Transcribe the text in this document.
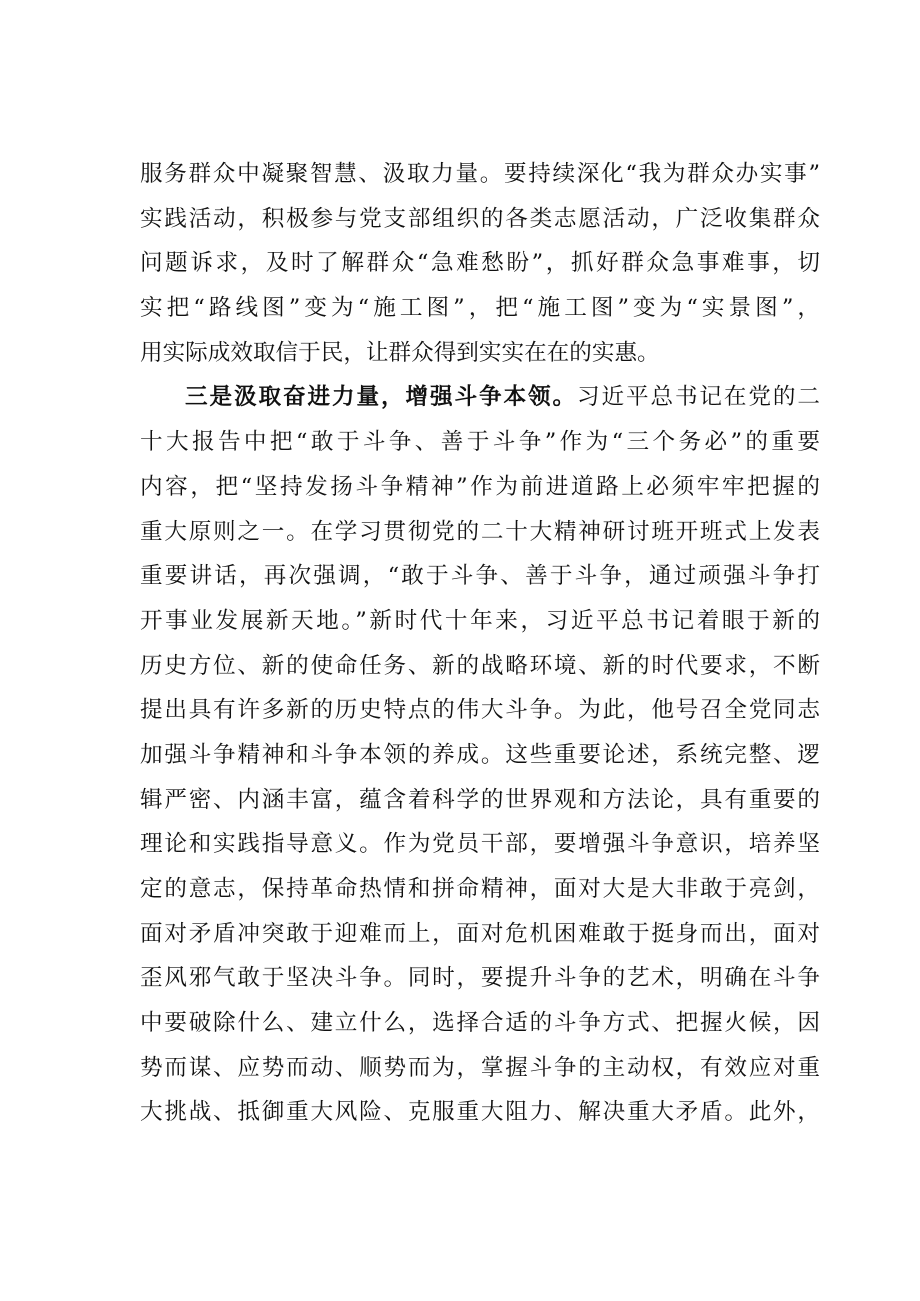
服务群众中凝聚智慧、汲取力量。要持续深化“我为群众办实事”
实践活动，积极参与党支部组织的各类志愿活动，广泛收集群众
问题诉求，及时了解群众“急难愁盼”，抓好群众急事难事，切
实把“路线图”变为“施工图”，把“施工图”变为“实景图”，
用实际成效取信于民，让群众得到实实在在的实惠。
三是汲取奋进力量，增强斗争本领。习近平总书记在党的二
十大报告中把“敢于斗争、善于斗争”作为“三个务必”的重要
内容，把“坚持发扬斗争精神”作为前进道路上必须牢牢把握的
重大原则之一。在学习贯彻党的二十大精神研讨班开班式上发表
重要讲话，再次强调，“敢于斗争、善于斗争，通过顽强斗争打
开事业发展新天地。”新时代十年来，习近平总书记着眼于新的
历史方位、新的使命任务、新的战略环境、新的时代要求，不断
提出具有许多新的历史特点的伟大斗争。为此，他号召全党同志
加强斗争精神和斗争本领的养成。这些重要论述，系统完整、逻
辑严密、内涵丰富，蕴含着科学的世界观和方法论，具有重要的
理论和实践指导意义。作为党员干部，要增强斗争意识，培养坚
定的意志，保持革命热情和拼命精神，面对大是大非敢于亮剑，
面对矛盾冲突敢于迎难而上，面对危机困难敢于挺身而出，面对
歪风邪气敢于坚决斗争。同时，要提升斗争的艺术，明确在斗争
中要破除什么、建立什么，选择合适的斗争方式、把握火候，因
势而谋、应势而动、顺势而为，掌握斗争的主动权，有效应对重
大挑战、抵御重大风险、克服重大阻力、解决重大矛盾。此外，
